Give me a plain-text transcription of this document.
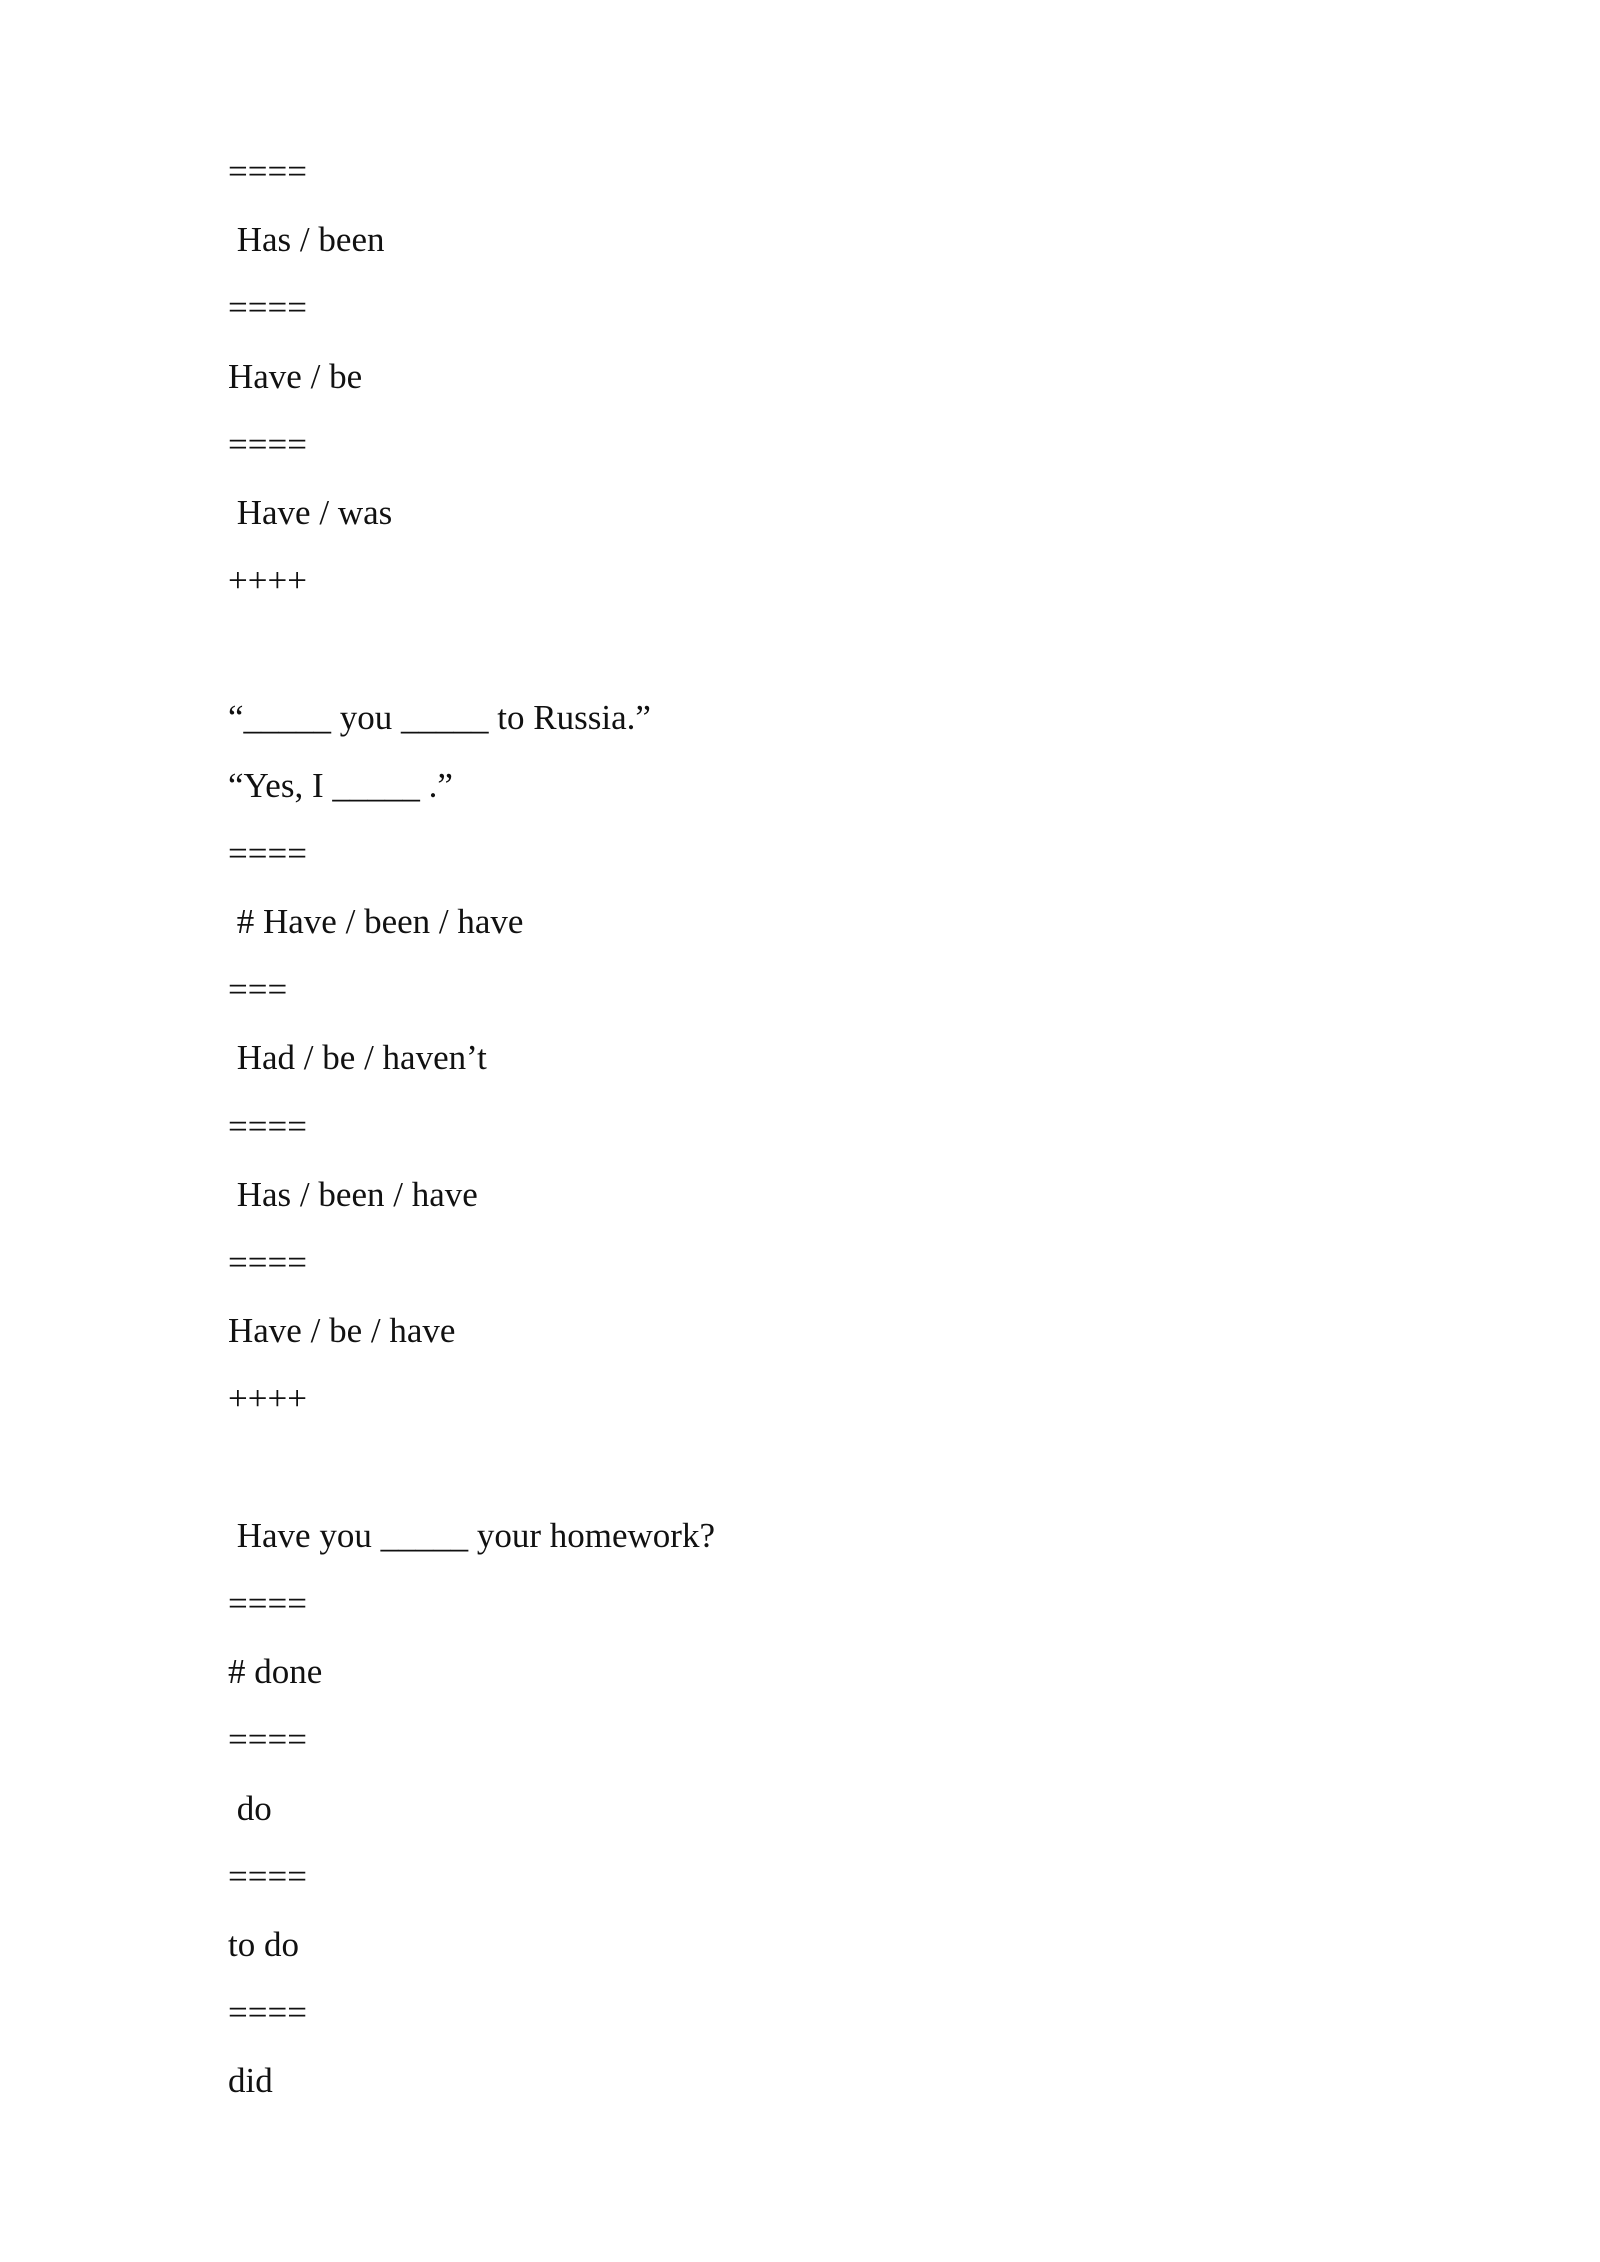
====
Has / been
====
Have / be
====
Have / was
++++
“_____ you _____ to Russia.”
“Yes, I _____ .”
====
# Have / been / have
===
Had / be / haven’t
====
Has / been / have
====
Have / be / have
++++
Have you _____ your homework?
====
# done
====
do
====
to do
====
did
